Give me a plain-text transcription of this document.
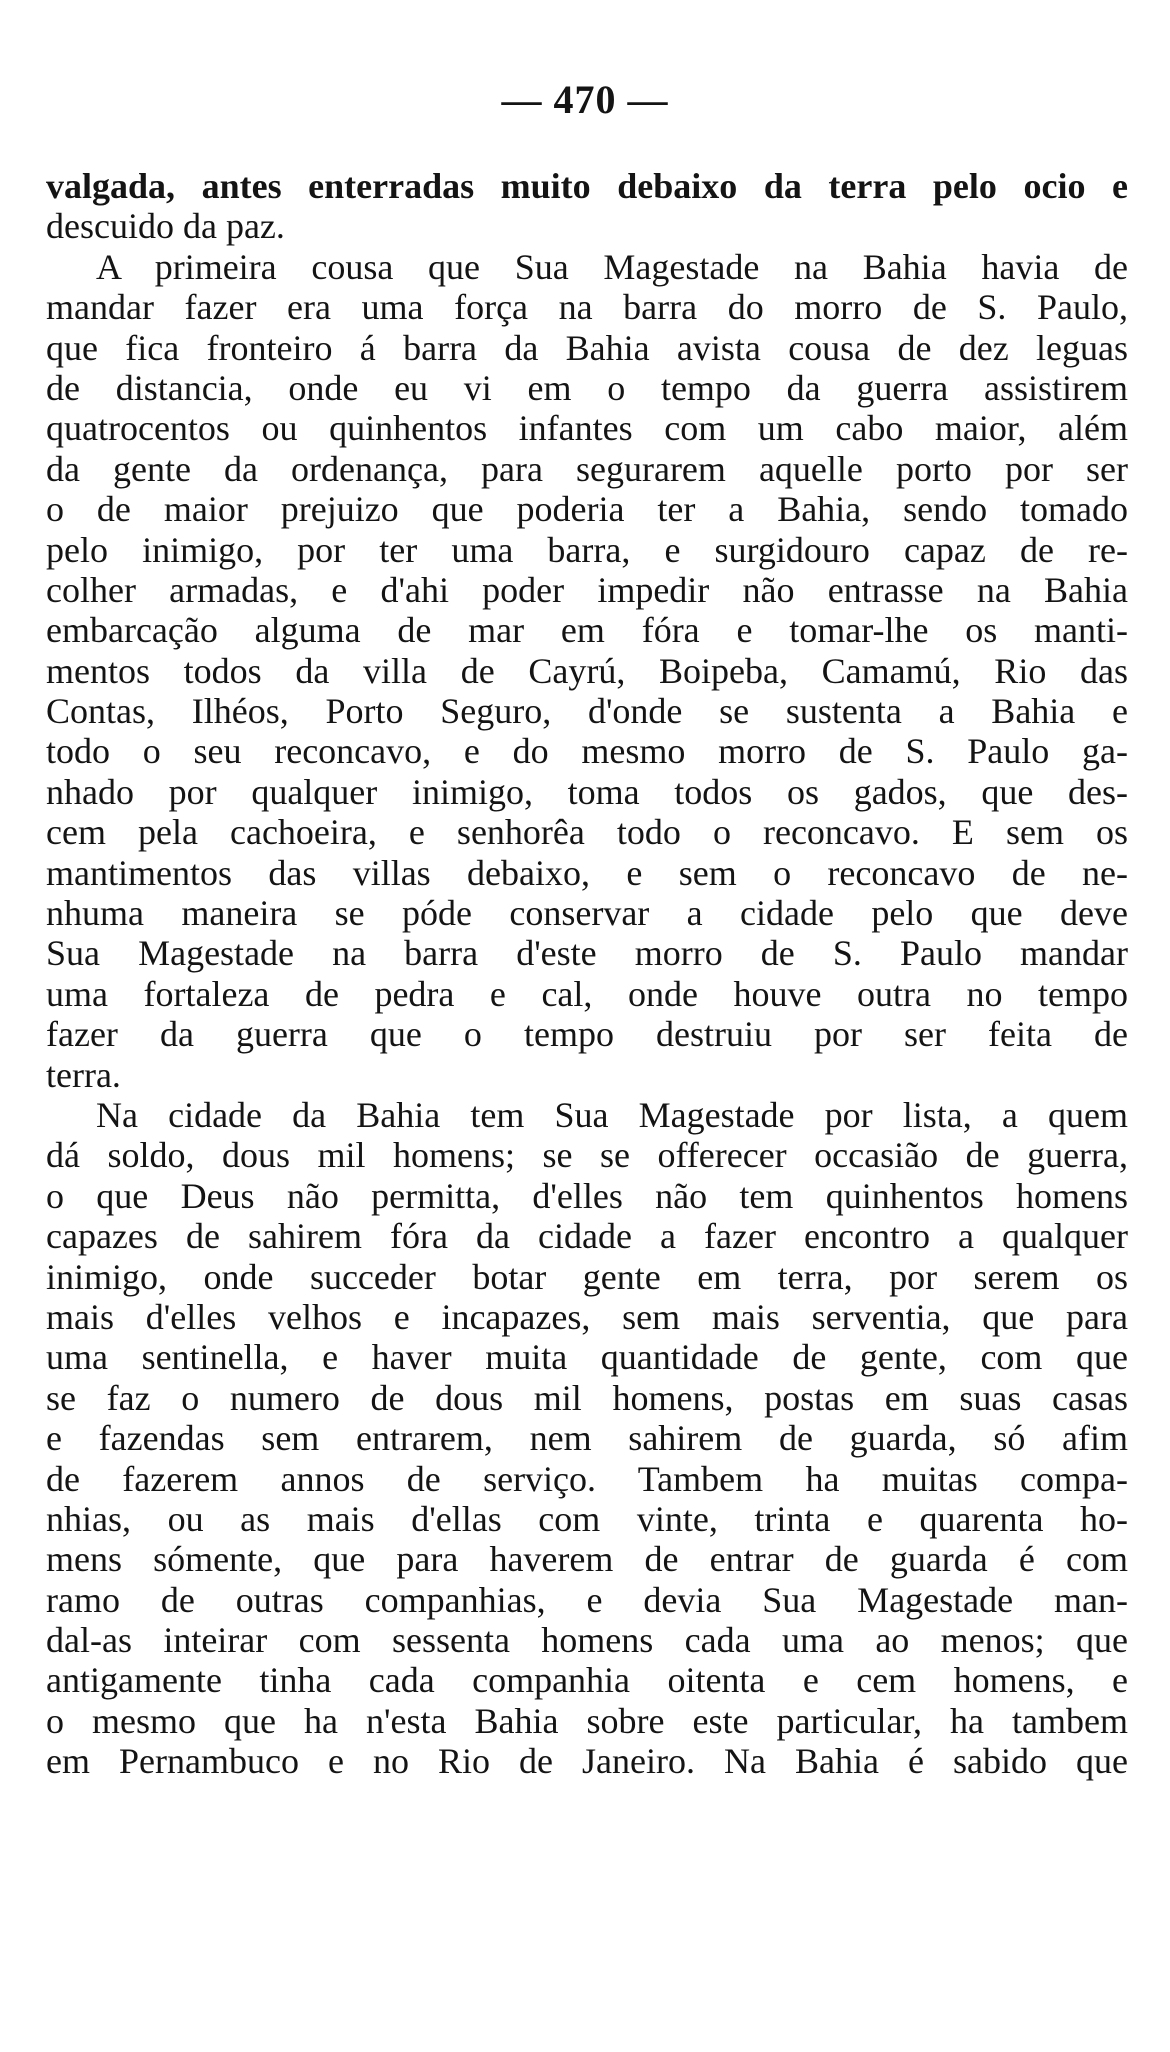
— 470 —
valgada, antes enterradas muito debaixo da terra pelo ocio e
descuido da paz.
A primeira cousa que Sua Magestade na Bahia havia de
mandar fazer era uma força na barra do morro de S. Paulo,
que fica fronteiro á barra da Bahia avista cousa de dez leguas
de distancia, onde eu vi em o tempo da guerra assistirem
quatrocentos ou quinhentos infantes com um cabo maior, além
da gente da ordenança, para segurarem aquelle porto por ser
o de maior prejuizo que poderia ter a Bahia, sendo tomado
pelo inimigo, por ter uma barra, e surgidouro capaz de re-
colher armadas, e d'ahi poder impedir não entrasse na Bahia
embarcação alguma de mar em fóra e tomar-lhe os manti-
mentos todos da villa de Cayrú, Boipeba, Camamú, Rio das
Contas, Ilhéos, Porto Seguro, d'onde se sustenta a Bahia e
todo o seu reconcavo, e do mesmo morro de S. Paulo ga-
nhado por qualquer inimigo, toma todos os gados, que des-
cem pela cachoeira, e senhorêa todo o reconcavo. E sem os
mantimentos das villas debaixo, e sem o reconcavo de ne-
nhuma maneira se póde conservar a cidade pelo que deve
Sua Magestade na barra d'este morro de S. Paulo mandar
uma fortaleza de pedra e cal, onde houve outra no tempo
fazer da guerra que o tempo destruiu por ser feita de
terra.
Na cidade da Bahia tem Sua Magestade por lista, a quem
dá soldo, dous mil homens; se se offerecer occasião de guerra,
o que Deus não permitta, d'elles não tem quinhentos homens
capazes de sahirem fóra da cidade a fazer encontro a qualquer
inimigo, onde succeder botar gente em terra, por serem os
mais d'elles velhos e incapazes, sem mais serventia, que para
uma sentinella, e haver muita quantidade de gente, com que
se faz o numero de dous mil homens, postas em suas casas
e fazendas sem entrarem, nem sahirem de guarda, só afim
de fazerem annos de serviço. Tambem ha muitas compa-
nhias, ou as mais d'ellas com vinte, trinta e quarenta ho-
mens sómente, que para haverem de entrar de guarda é com
ramo de outras companhias, e devia Sua Magestade man-
dal-as inteirar com sessenta homens cada uma ao menos; que
antigamente tinha cada companhia oitenta e cem homens, e
o mesmo que ha n'esta Bahia sobre este particular, ha tambem
em Pernambuco e no Rio de Janeiro. Na Bahia é sabido que
